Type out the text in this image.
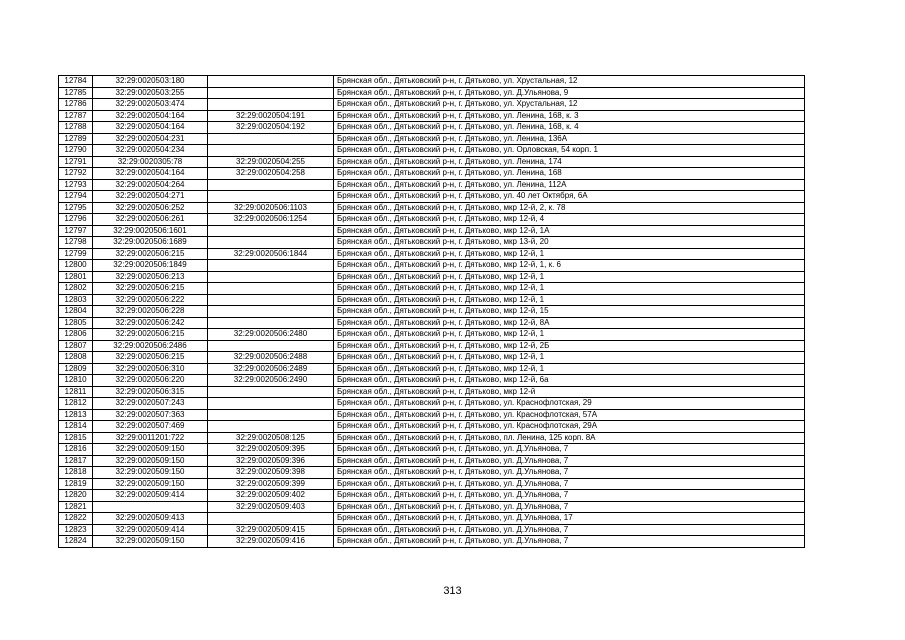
12784	32:29:0020503:180		Брянская обл., Дятьковский р-н, г. Дятьково, ул. Хрустальная, 12
12785	32:29:0020503:255		Брянская обл., Дятьковский р-н, г. Дятьково, ул. Д.Ульянова, 9
12786	32:29:0020503:474		Брянская обл., Дятьковский р-н, г. Дятьково, ул. Хрустальная, 12
12787	32:29:0020504:164	32:29:0020504:191	Брянская обл., Дятьковский р-н, г. Дятьково, ул. Ленина, 168, к. 3
12788	32:29:0020504:164	32:29:0020504:192	Брянская обл., Дятьковский р-н, г. Дятьково, ул. Ленина, 168, к. 4
12789	32:29:0020504:231		Брянская обл., Дятьковский р-н, г. Дятьково, ул. Ленина, 136А
12790	32:29:0020504:234		Брянская обл., Дятьковский р-н, г. Дятьково, ул. Орловская, 54 корп. 1
12791	32:29:0020305:78	32:29:0020504:255	Брянская обл., Дятьковский р-н, г. Дятьково, ул. Ленина, 174
12792	32:29:0020504:164	32:29:0020504:258	Брянская обл., Дятьковский р-н, г. Дятьково, ул. Ленина, 168
12793	32:29:0020504:264		Брянская обл., Дятьковский р-н, г. Дятьково, ул. Ленина, 112А
12794	32:29:0020504:271		Брянская обл., Дятьковский р-н, г. Дятьково, ул. 40 лет Октября, 6А
12795	32:29:0020506:252	32:29:0020506:1103	Брянская обл., Дятьковский р-н, г. Дятьково, мкр 12-й, 2, к. 78
12796	32:29:0020506:261	32:29:0020506:1254	Брянская обл., Дятьковский р-н, г. Дятьково, мкр 12-й, 4
12797	32:29:0020506:1601		Брянская обл., Дятьковский р-н, г. Дятьково, мкр 12-й, 1А
12798	32:29:0020506:1689		Брянская обл., Дятьковский р-н, г. Дятьково, мкр 13-й, 20
12799	32:29:0020506:215	32:29:0020506:1844	Брянская обл., Дятьковский р-н, г. Дятьково, мкр 12-й, 1
12800	32:29:0020506:1849		Брянская обл., Дятьковский р-н, г. Дятьково, мкр 12-й, 1, к. 6
12801	32:29:0020506:213		Брянская обл., Дятьковский р-н, г. Дятьково, мкр 12-й, 1
12802	32:29:0020506:215		Брянская обл., Дятьковский р-н, г. Дятьково, мкр 12-й, 1
12803	32:29:0020506:222		Брянская обл., Дятьковский р-н, г. Дятьково, мкр 12-й, 1
12804	32:29:0020506:228		Брянская обл., Дятьковский р-н, г. Дятьково, мкр 12-й, 15
12805	32:29:0020506:242		Брянская обл., Дятьковский р-н, г. Дятьково, мкр 12-й, 8А
12806	32:29:0020506:215	32:29:0020506:2480	Брянская обл., Дятьковский р-н, г. Дятьково, мкр 12-й, 1
12807	32:29:0020506:2486		Брянская обл., Дятьковский р-н, г. Дятьково, мкр 12-й, 2Б
12808	32:29:0020506:215	32:29:0020506:2488	Брянская обл., Дятьковский р-н, г. Дятьково, мкр 12-й, 1
12809	32:29:0020506:310	32:29:0020506:2489	Брянская обл., Дятьковский р-н, г. Дятьково, мкр 12-й, 1
12810	32:29:0020506:220	32:29:0020506:2490	Брянская обл., Дятьковский р-н, г. Дятьково, мкр 12-й, 6а
12811	32:29:0020506:315		Брянская обл., Дятьковский р-н, г. Дятьково, мкр 12-й
12812	32:29:0020507:243		Брянская обл., Дятьковский р-н, г. Дятьково, ул. Краснофлотская, 29
12813	32:29:0020507:363		Брянская обл., Дятьковский р-н, г. Дятьково, ул. Краснофлотская, 57А
12814	32:29:0020507:469		Брянская обл., Дятьковский р-н, г. Дятьково, ул. Краснофлотская, 29А
12815	32:29:0011201:722	32:29:0020508:125	Брянская обл., Дятьковский р-н, г. Дятьково, пл. Ленина, 125 корп. 8А
12816	32:29:0020509:150	32:29:0020509:395	Брянская обл., Дятьковский р-н, г. Дятьково, ул. Д.Ульянова, 7
12817	32:29:0020509:150	32:29:0020509:396	Брянская обл., Дятьковский р-н, г. Дятьково, ул. Д.Ульянова, 7
12818	32:29:0020509:150	32:29:0020509:398	Брянская обл., Дятьковский р-н, г. Дятьково, ул. Д.Ульянова, 7
12819	32:29:0020509:150	32:29:0020509:399	Брянская обл., Дятьковский р-н, г. Дятьково, ул. Д.Ульянова, 7
12820	32:29:0020509:414	32:29:0020509:402	Брянская обл., Дятьковский р-н, г. Дятьково, ул. Д.Ульянова, 7
12821		32:29:0020509:403	Брянская обл., Дятьковский р-н, г. Дятьково, ул. Д.Ульянова, 7
12822	32:29:0020509:413		Брянская обл., Дятьковский р-н, г. Дятьково, ул. Д.Ульянова, 17
12823	32:29:0020509:414	32:29:0020509:415	Брянская обл., Дятьковский р-н, г. Дятьково, ул. Д.Ульянова, 7
12824	32:29:0020509:150	32:29:0020509:416	Брянская обл., Дятьковский р-н, г. Дятьково, ул. Д.Ульянова, 7
313
